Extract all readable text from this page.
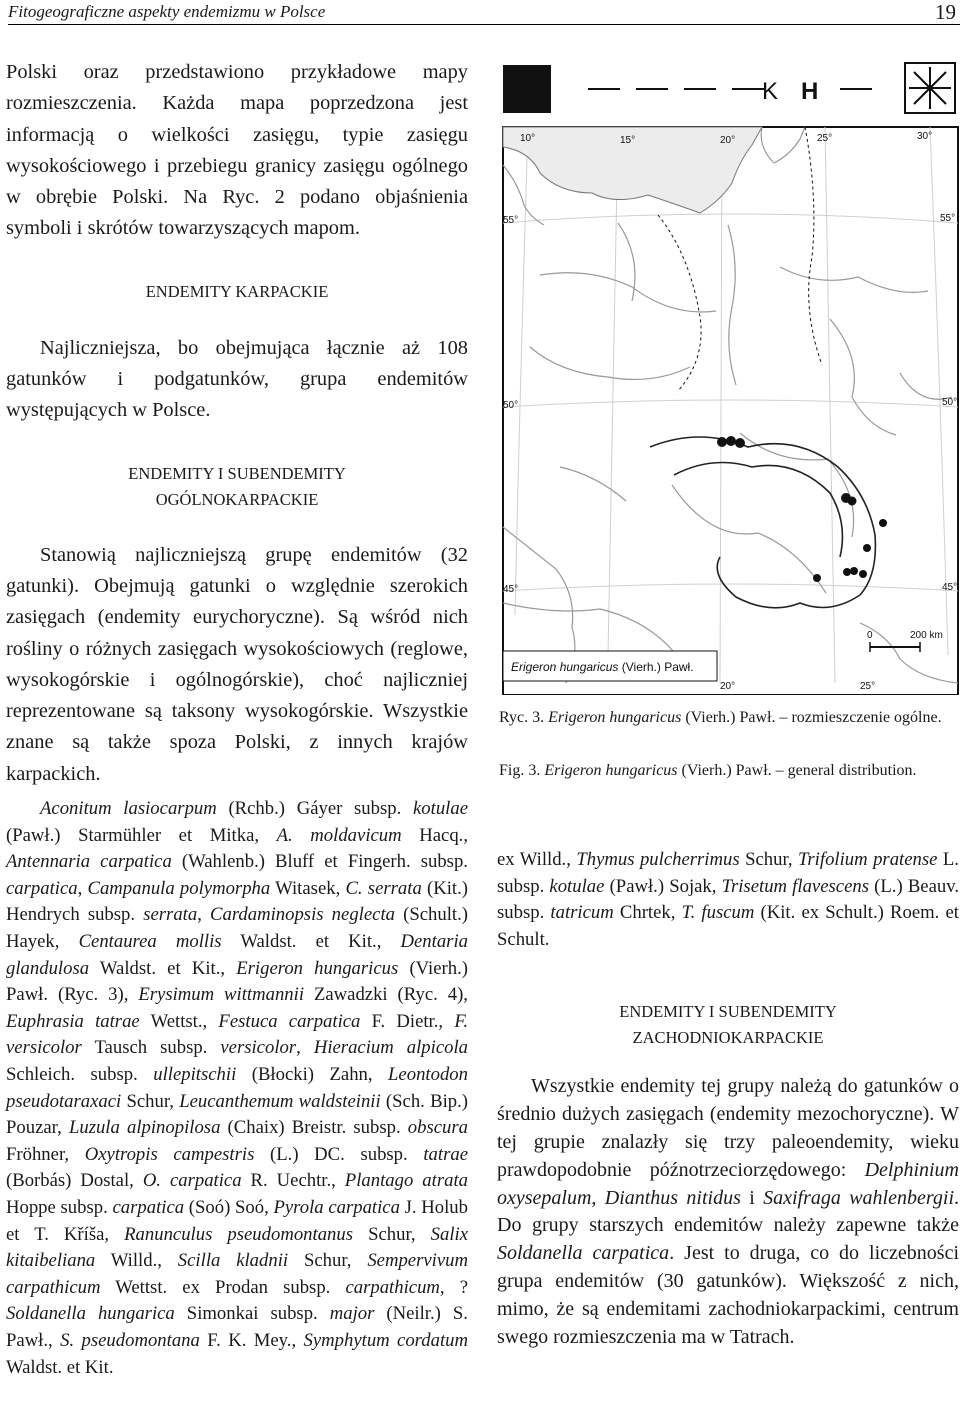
Fitogeograficzne aspekty endemizmu w Polsce	19

Polski oraz przedstawiono przykładowe mapy rozmieszczenia. Każda mapa poprzedzona jest informacją o wielkości zasięgu, typie zasięgu wysokościowego i przebiegu granicy zasięgu ogólnego w obrębie Polski. Na Ryc. 2 podano objaśnienia symboli i skrótów towarzyszących mapom.

ENDEMITY KARPACKIE

Najliczniejsza, bo obejmująca łącznie aż 108 gatunków i podgatunków, grupa endemitów występujących w Polsce.

ENDEMITY I SUBENDEMITY
OGÓLNOKARPACKIE

Stanowią najliczniejszą grupę endemitów (32 gatunki). Obejmują gatunki o względnie szerokich zasięgach (endemity eurychoryczne). Są wśród nich rośliny o różnych zasięgach wysokościowych (reglowe, wysokogórskie i ogólnogórskie), choć najliczniej reprezentowane są taksony wysokogórskie. Wszystkie znane są także spoza Polski, z innych krajów karpackich.

Aconitum lasiocarpum (Rchb.) Gáyer subsp. kotulae (Pawł.) Starmühler et Mitka, A. moldavicum Hacq., Antennaria carpatica (Wahlenb.) Bluff et Fingerh. subsp. carpatica, Campanula polymorpha Witasek, C. serrata (Kit.) Hendrych subsp. serrata, Cardaminopsis neglecta (Schult.) Hayek, Centaurea mollis Waldst. et Kit., Dentaria glandulosa Waldst. et Kit., Erigeron hungaricus (Vierh.) Pawł. (Ryc. 3), Erysimum wittmannii Zawadzki (Ryc. 4), Euphrasia tatrae Wettst., Festuca carpatica F. Dietr., F. versicolor Tausch subsp. versicolor, Hieracium alpicola Schleich. subsp. ullepitschii (Błocki) Zahn, Leontodon pseudotaraxaci Schur, Leucanthemum waldsteinii (Sch. Bip.) Pouzar, Luzula alpinopilosa (Chaix) Breistr. subsp. obscura Fröhner, Oxytropis campestris (L.) DC. subsp. tatrae (Borbás) Dostal, O. carpatica R. Uechtr., Plantago atrata Hoppe subsp. carpatica (Soó) Soó, Pyrola carpatica J. Holub et T. Kříša, Ranunculus pseudomontanus Schur, Salix kitaibeliana Willd., Scilla kladnii Schur, Sempervivum carpathicum Wettst. ex Prodan subsp. carpathicum, ?Soldanella hungarica Simonkai subsp. major (Neilr.) S. Pawł., S. pseudomontana F. K. Mey., Symphytum cordatum Waldst. et Kit.

K H
10°	15°	20°	25°	30°
55°	55°
50°	50°
45°	45°
20°	25°
0	200 km
Erigeron hungaricus (Vierh.) Pawł.
Ryc. 3. Erigeron hungaricus (Vierh.) Pawł. – rozmieszczenie ogólne.
Fig. 3. Erigeron hungaricus (Vierh.) Pawł. – general distribution.

ex Willd., Thymus pulcherrimus Schur, Trifolium pratense L. subsp. kotulae (Pawł.) Sojak, Trisetum flavescens (L.) Beauv. subsp. tatricum Chrtek, T. fuscum (Kit. ex Schult.) Roem. et Schult.

ENDEMITY I SUBENDEMITY
ZACHODNIOKARPACKIE

Wszystkie endemity tej grupy należą do gatunków o średnio dużych zasięgach (endemity mezochoryczne). W tej grupie znalazły się trzy paleoendemity, wieku prawdopodobnie późnotrzeciorzędowego: Delphinium oxysepalum, Dianthus nitidus i Saxifraga wahlenbergii. Do grupy starszych endemitów należy zapewne także Soldanella carpatica. Jest to druga, co do liczebności grupa endemitów (30 gatunków). Większość z nich, mimo, że są endemitami zachodniokarpackimi, centrum swego rozmieszczenia ma w Tatrach.
